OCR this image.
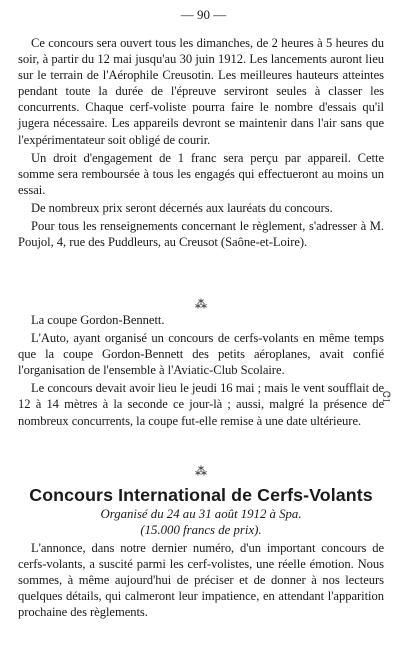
— 90 —

Ce concours sera ouvert tous les dimanches, de 2 heures à 5 heures du soir, à partir du 12 mai jusqu'au 30 juin 1912. Les lancements auront lieu sur le terrain de l'Aérophile Creusotin. Les meilleures hauteurs atteintes pendant toute la durée de l'épreuve serviront seules à classer les concurrents. Chaque cerf-voliste pourra faire le nombre d'essais qu'il jugera nécessaire. Les appareils devront se maintenir dans l'air sans que l'expérimentateur soit obligé de courir.

Un droit d'engagement de 1 franc sera perçu par appareil. Cette somme sera remboursée à tous les engagés qui effectueront au moins un essai.

De nombreux prix seront décernés aux lauréats du concours.

Pour tous les renseignements concernant le règlement, s'adresser à M. Poujol, 4, rue des Puddleurs, au Creusot (Saône-et-Loire).

⁂

La coupe Gordon-Bennett.

L'Auto, ayant organisé un concours de cerfs-volants en même temps que la coupe Gordon-Bennett des petits aéroplanes, avait confié l'organisation de l'ensemble à l'Aviatic-Club Scolaire.

Le concours devait avoir lieu le jeudi 16 mai ; mais le vent soufflait de 12 à 14 mètres à la seconde ce jour-là ; aussi, malgré la présence de nombreux concurrents, la coupe fut-elle remise à une date ultérieure.

⁂
Concours International de Cerfs-Volants

Organisé du 24 au 31 août 1912 à Spa.

(15.000 francs de prix).

L'annonce, dans notre dernier numéro, d'un important concours de cerfs-volants, a suscité parmi les cerf-volistes, une réelle émotion. Nous sommes, à même aujourd'hui de préciser et de donner à nos lecteurs quelques détails, qui calmeront leur impatience, en attendant l'apparition prochaine des règlements.

Ꮳ1.
